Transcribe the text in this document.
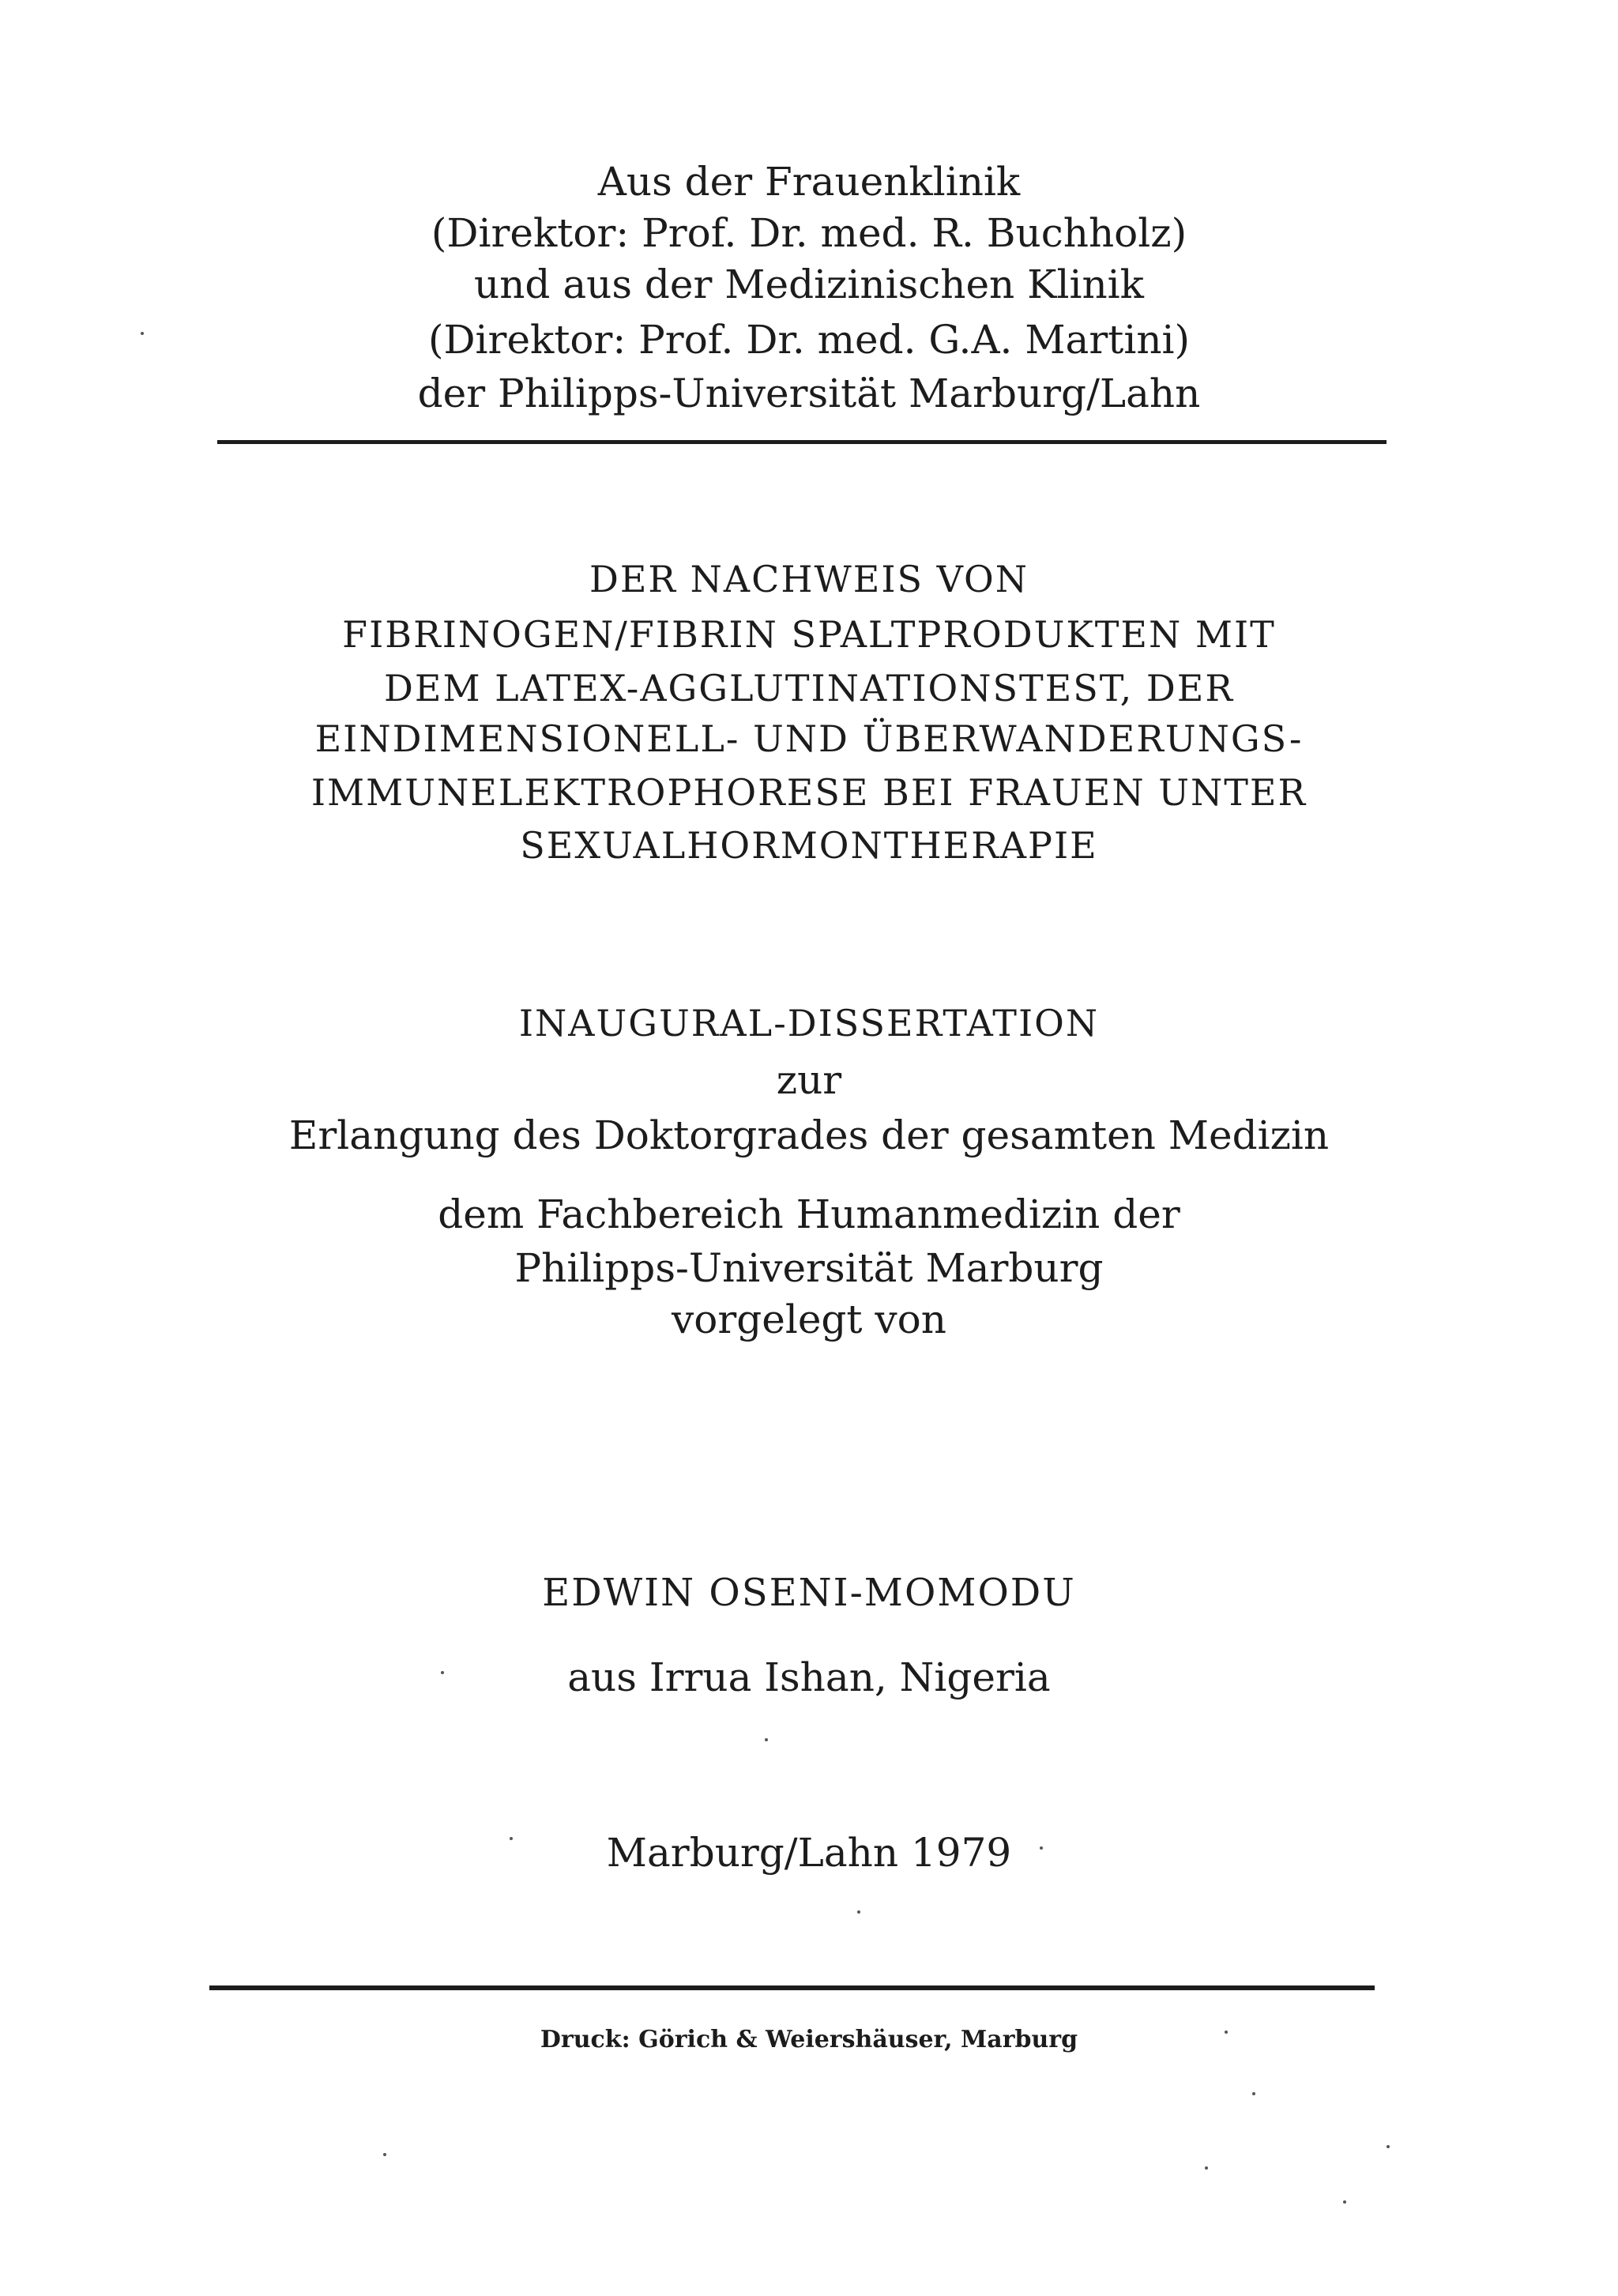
Aus der Frauenklinik
(Direktor: Prof. Dr. med. R. Buchholz)
und aus der Medizinischen Klinik
(Direktor: Prof. Dr. med. G.A. Martini)
der Philipps-Universität Marburg/Lahn
DER NACHWEIS VON
FIBRINOGEN/FIBRIN SPALTPRODUKTEN MIT
DEM LATEX-AGGLUTINATIONSTEST, DER
EINDIMENSIONELL- UND ÜBERWANDERUNGS-
IMMUNELEKTROPHORESE BEI FRAUEN UNTER
SEXUALHORMONTHERAPIE
INAUGURAL-DISSERTATION
zur
Erlangung des Doktorgrades der gesamten Medizin
dem Fachbereich Humanmedizin der
Philipps-Universität Marburg
vorgelegt von
EDWIN OSENI-MOMODU
aus Irrua Ishan, Nigeria
Marburg/Lahn 1979
Druck: Görich & Weiershäuser, Marburg
